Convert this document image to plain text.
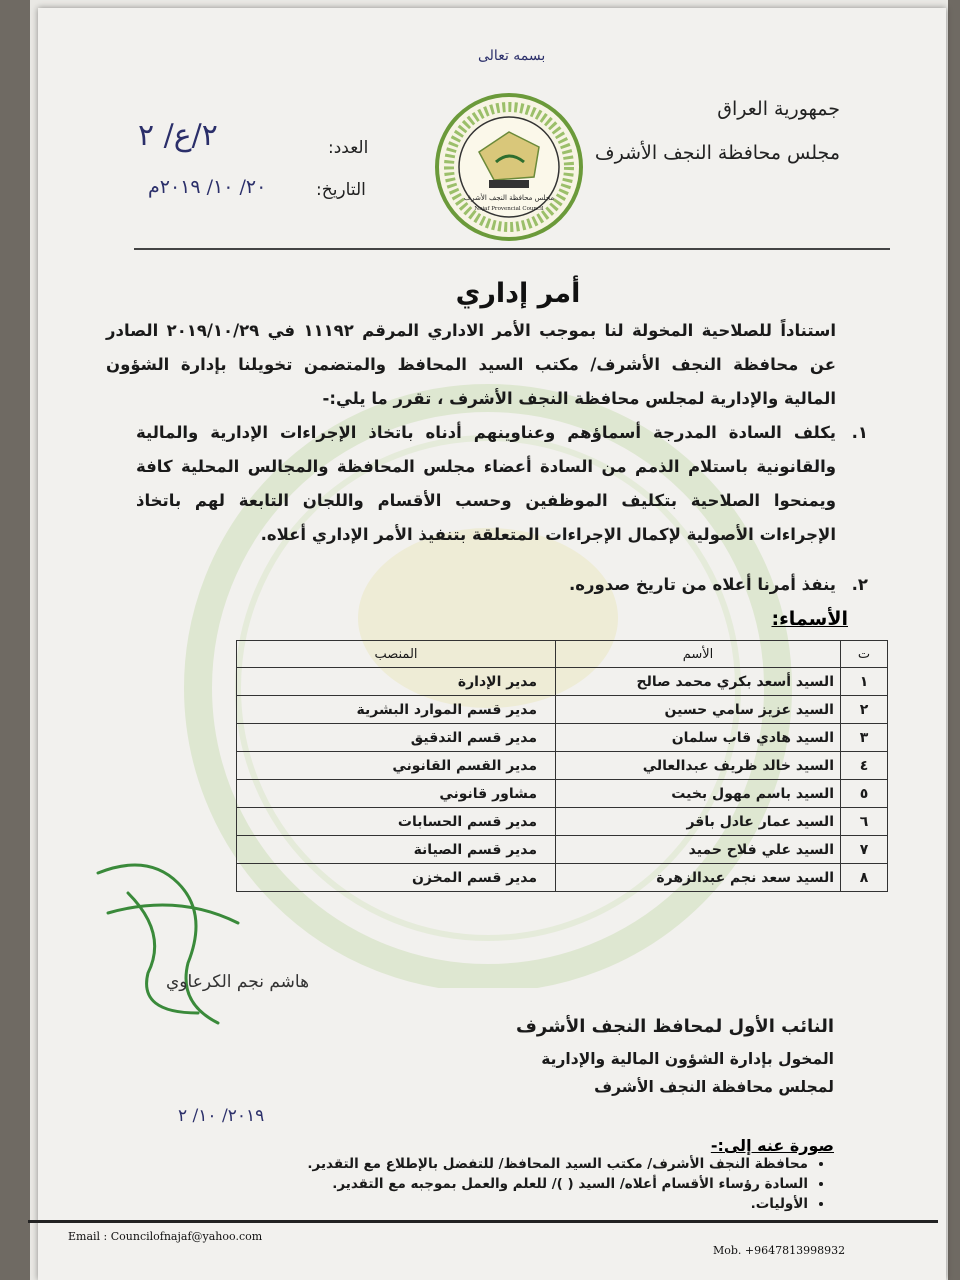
بسمه تعالى
جمهورية العراق
مجلس محافظة النجف الأشرف
العدد:
٢/ع/ ٢
التاريخ:
٢٠/ ١٠/ ٢٠١٩م	مجلس محافظة النجف الأشرف
Najaf Provencial Council
أمر إداري
استناداً للصلاحية المخولة لنا بموجب الأمر الاداري المرقم ١١١٩٢ في ٢٠١٩/١٠/٢٩ الصادر عن محافظة النجف الأشرف/ مكتب السيد المحافظ والمتضمن تخويلنا بإدارة الشؤون المالية والإدارية لمجلس محافظة النجف الأشرف ، تقرر ما يلي:-
١.
يكلف السادة المدرجة أسماؤهم وعناوينهم أدناه باتخاذ الإجراءات الإدارية والمالية والقانونية باستلام الذمم من السادة أعضاء مجلس المحافظة والمجالس المحلية كافة ويمنحوا الصلاحية بتكليف الموظفين وحسب الأقسام واللجان التابعة لهم باتخاذ الإجراءات الأصولية لإكمال الإجراءات المتعلقة بتنفيذ الأمر الإداري أعلاه.
٢.
ينفذ أمرنا أعلاه من تاريخ صدوره.
الأسماء:
ت	الأسم	المنصب
١	السيد أسعد بكري محمد صالح	مدير الإدارة
٢	السيد عزيز سامي حسين	مدير قسم الموارد البشرية
٣	السيد هادي قاب سلمان	مدير قسم التدقيق
٤	السيد خالد ظريف عبدالعالي	مدير القسم القانوني
٥	السيد باسم مهول بخيت	مشاور قانوني
٦	السيد عمار عادل باقر	مدير قسم الحسابات
٧	السيد علي فلاح حميد	مدير قسم الصيانة
٨	السيد سعد نجم عبدالزهرة	مدير قسم المخزن
هاشم نجم الكرعاوي
النائب الأول لمحافظ النجف الأشرف
المخول بإدارة الشؤون المالية والإدارية
لمجلس محافظة النجف الأشرف
٢٠١٩/ ١٠/ ٢
صورة عنه إلى:-
• محافظة النجف الأشرف/ مكتب السيد المحافظ/ للتفضل بالإطلاع مع التقدير.
• السادة رؤساء الأقسام أعلاه/ السيد ( )/ للعلم والعمل بموجبه مع التقدير.
• الأوليات.
Email : Councilofnajaf@yahoo.com
Mob. +9647813998932
